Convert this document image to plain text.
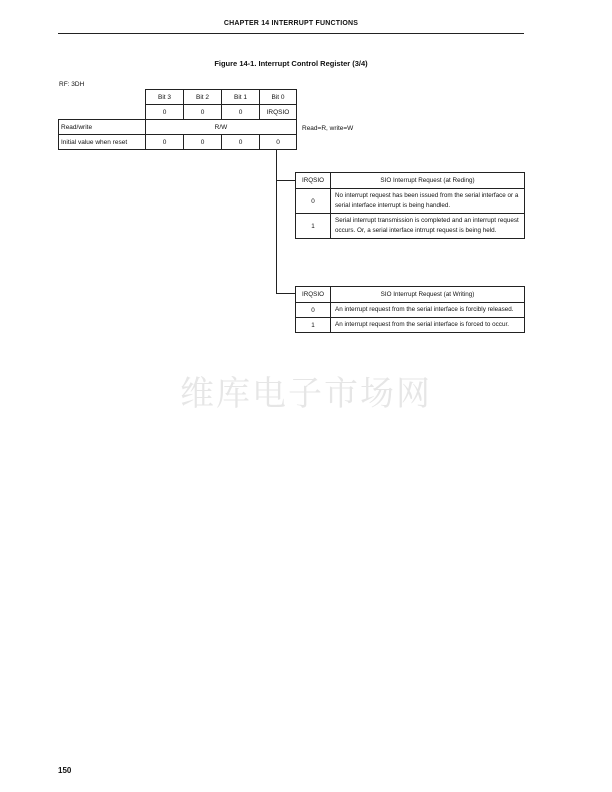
CHAPTER 14 INTERRUPT FUNCTIONS
Figure 14-1. Interrupt Control Register (3/4)
RF: 3DH
	Bit 3	Bit 2	Bit 1	Bit 0
	0	0	0	IRQSIO
Read/write	R/W			
Initial value when reset	0	0	0	0
Read=R, write=W
IRQSIO	SIO Interrupt Request (at Reding)
0	No interrupt request has been issued from the serial interface or a serial interface interrupt is being handled.
1	Serial interrupt transmission is completed and an interrupt request occurs. Or, a serial interface intrrupt request is being held.
IRQSIO	SIO Interrupt Request (at Writing)
0	An interrupt request from the serial interface is forcibly released.
1	An interrupt request from the serial interface is forced to occur.
维库电子市场网
150
